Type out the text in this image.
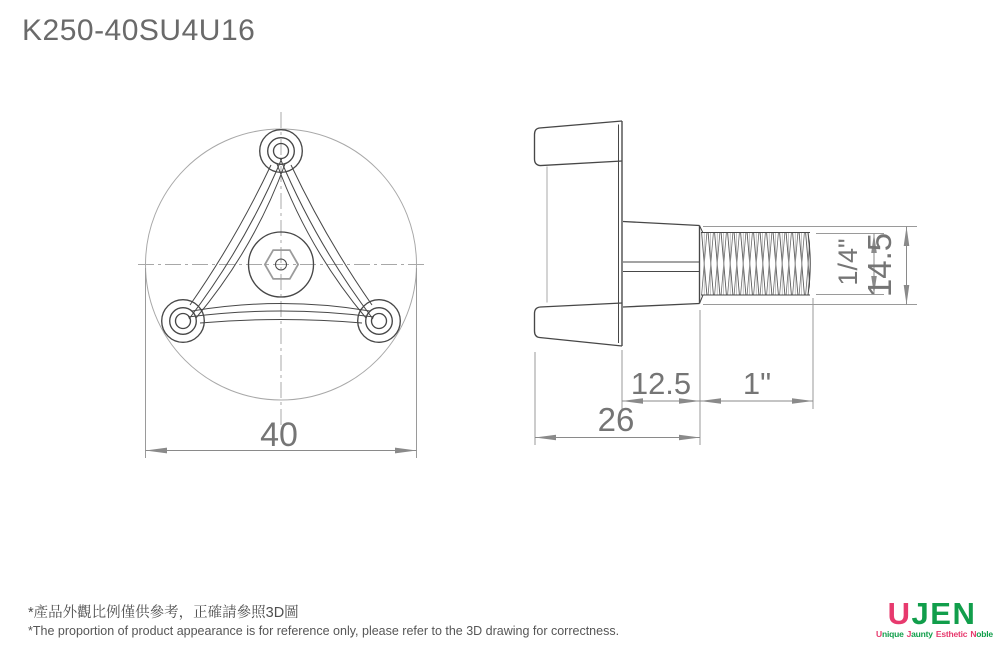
40
12.5 1"
26
1/4"
14.5
K250-40SU4U16
*產品外觀比例僅供參考，正確請參照3D圖
*The proportion of product appearance is for reference only, please refer to the 3D drawing for correctness.	UJEN
Unique Jaunty Esthetic Noble
